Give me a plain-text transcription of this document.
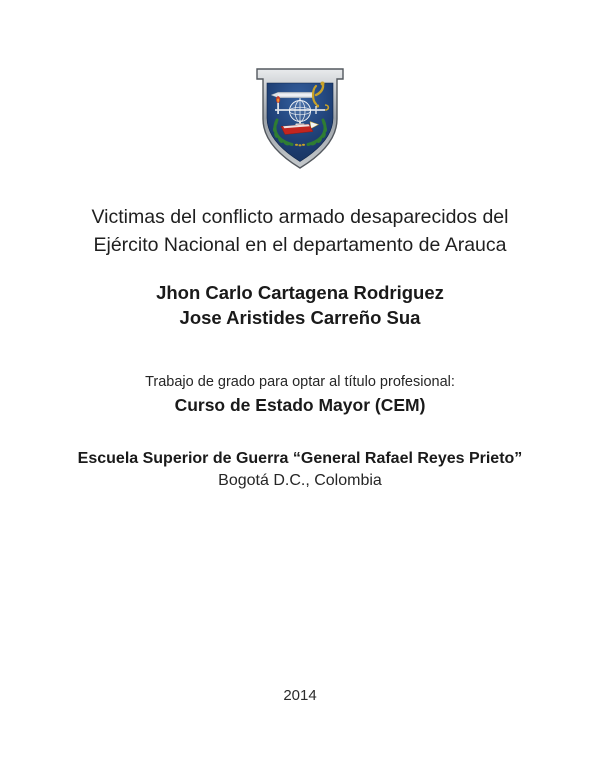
Victimas del conflicto armado desaparecidos del
Ejército Nacional en el departamento de Arauca
Jhon Carlo Cartagena Rodriguez
Jose Aristides Carreño Sua
Trabajo de grado para optar al título profesional:
Curso de Estado Mayor (CEM)
Escuela Superior de Guerra “General Rafael Reyes Prieto”
Bogotá D.C., Colombia
2014
